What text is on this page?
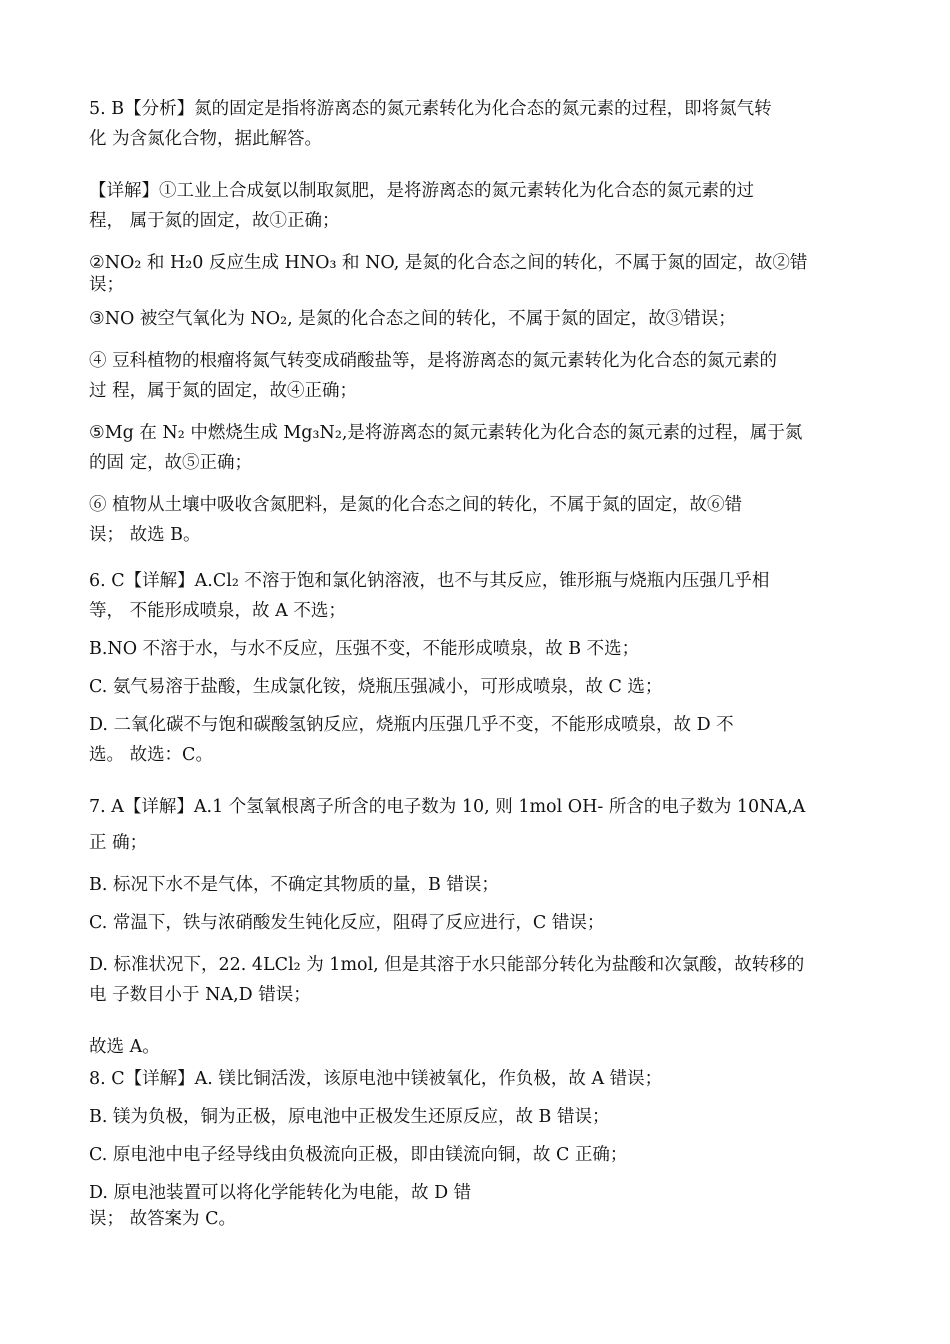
5. B【分析】氮的固定是指将游离态的氮元素转化为化合态的氮元素的过程，即将氮气转
化 为含氮化合物，据此解答。

【详解】①工业上合成氨以制取氮肥，是将游离态的氮元素转化为化合态的氮元素的过
程， 属于氮的固定，故①正确；

②NO₂ 和 H₂0 反应生成 HNO₃ 和 NO, 是氮的化合态之间的转化，不属于氮的固定，故②错
误；

③NO 被空气氧化为 NO₂, 是氮的化合态之间的转化，不属于氮的固定，故③错误；

④ 豆科植物的根瘤将氮气转变成硝酸盐等，是将游离态的氮元素转化为化合态的氮元素的
过 程，属于氮的固定，故④正确；

⑤Mg 在 N₂ 中燃烧生成 Mg₃N₂,是将游离态的氮元素转化为化合态的氮元素的过程，属于氮
的固 定，故⑤正确；

⑥ 植物从土壤中吸收含氮肥料，是氮的化合态之间的转化，不属于氮的固定，故⑥错
误； 故选 B。

6. C【详解】A.Cl₂ 不溶于饱和氯化钠溶液，也不与其反应，锥形瓶与烧瓶内压强几乎相
等， 不能形成喷泉，故 A 不选；

B.NO 不溶于水，与水不反应，压强不变，不能形成喷泉，故 B 不选；

C. 氨气易溶于盐酸，生成氯化铵，烧瓶压强减小，可形成喷泉，故 C 选；

D. 二氧化碳不与饱和碳酸氢钠反应，烧瓶内压强几乎不变，不能形成喷泉，故 D 不
选。 故选：C。

7. A【详解】A.1 个氢氧根离子所含的电子数为 10, 则 1mol OH- 所含的电子数为 10NA,A
正 确；

B. 标况下水不是气体，不确定其物质的量，B 错误；

C. 常温下，铁与浓硝酸发生钝化反应，阻碍了反应进行，C 错误；

D. 标准状况下，22. 4LCl₂ 为 1mol, 但是其溶于水只能部分转化为盐酸和次氯酸，故转移的
电 子数目小于 NA,D 错误；

故选 A。

8. C【详解】A. 镁比铜活泼，该原电池中镁被氧化，作负极，故 A 错误；

B. 镁为负极，铜为正极，原电池中正极发生还原反应，故 B 错误；

C. 原电池中电子经导线由负极流向正极，即由镁流向铜，故 C 正确；

D. 原电池装置可以将化学能转化为电能，故 D 错
误； 故答案为 C。
